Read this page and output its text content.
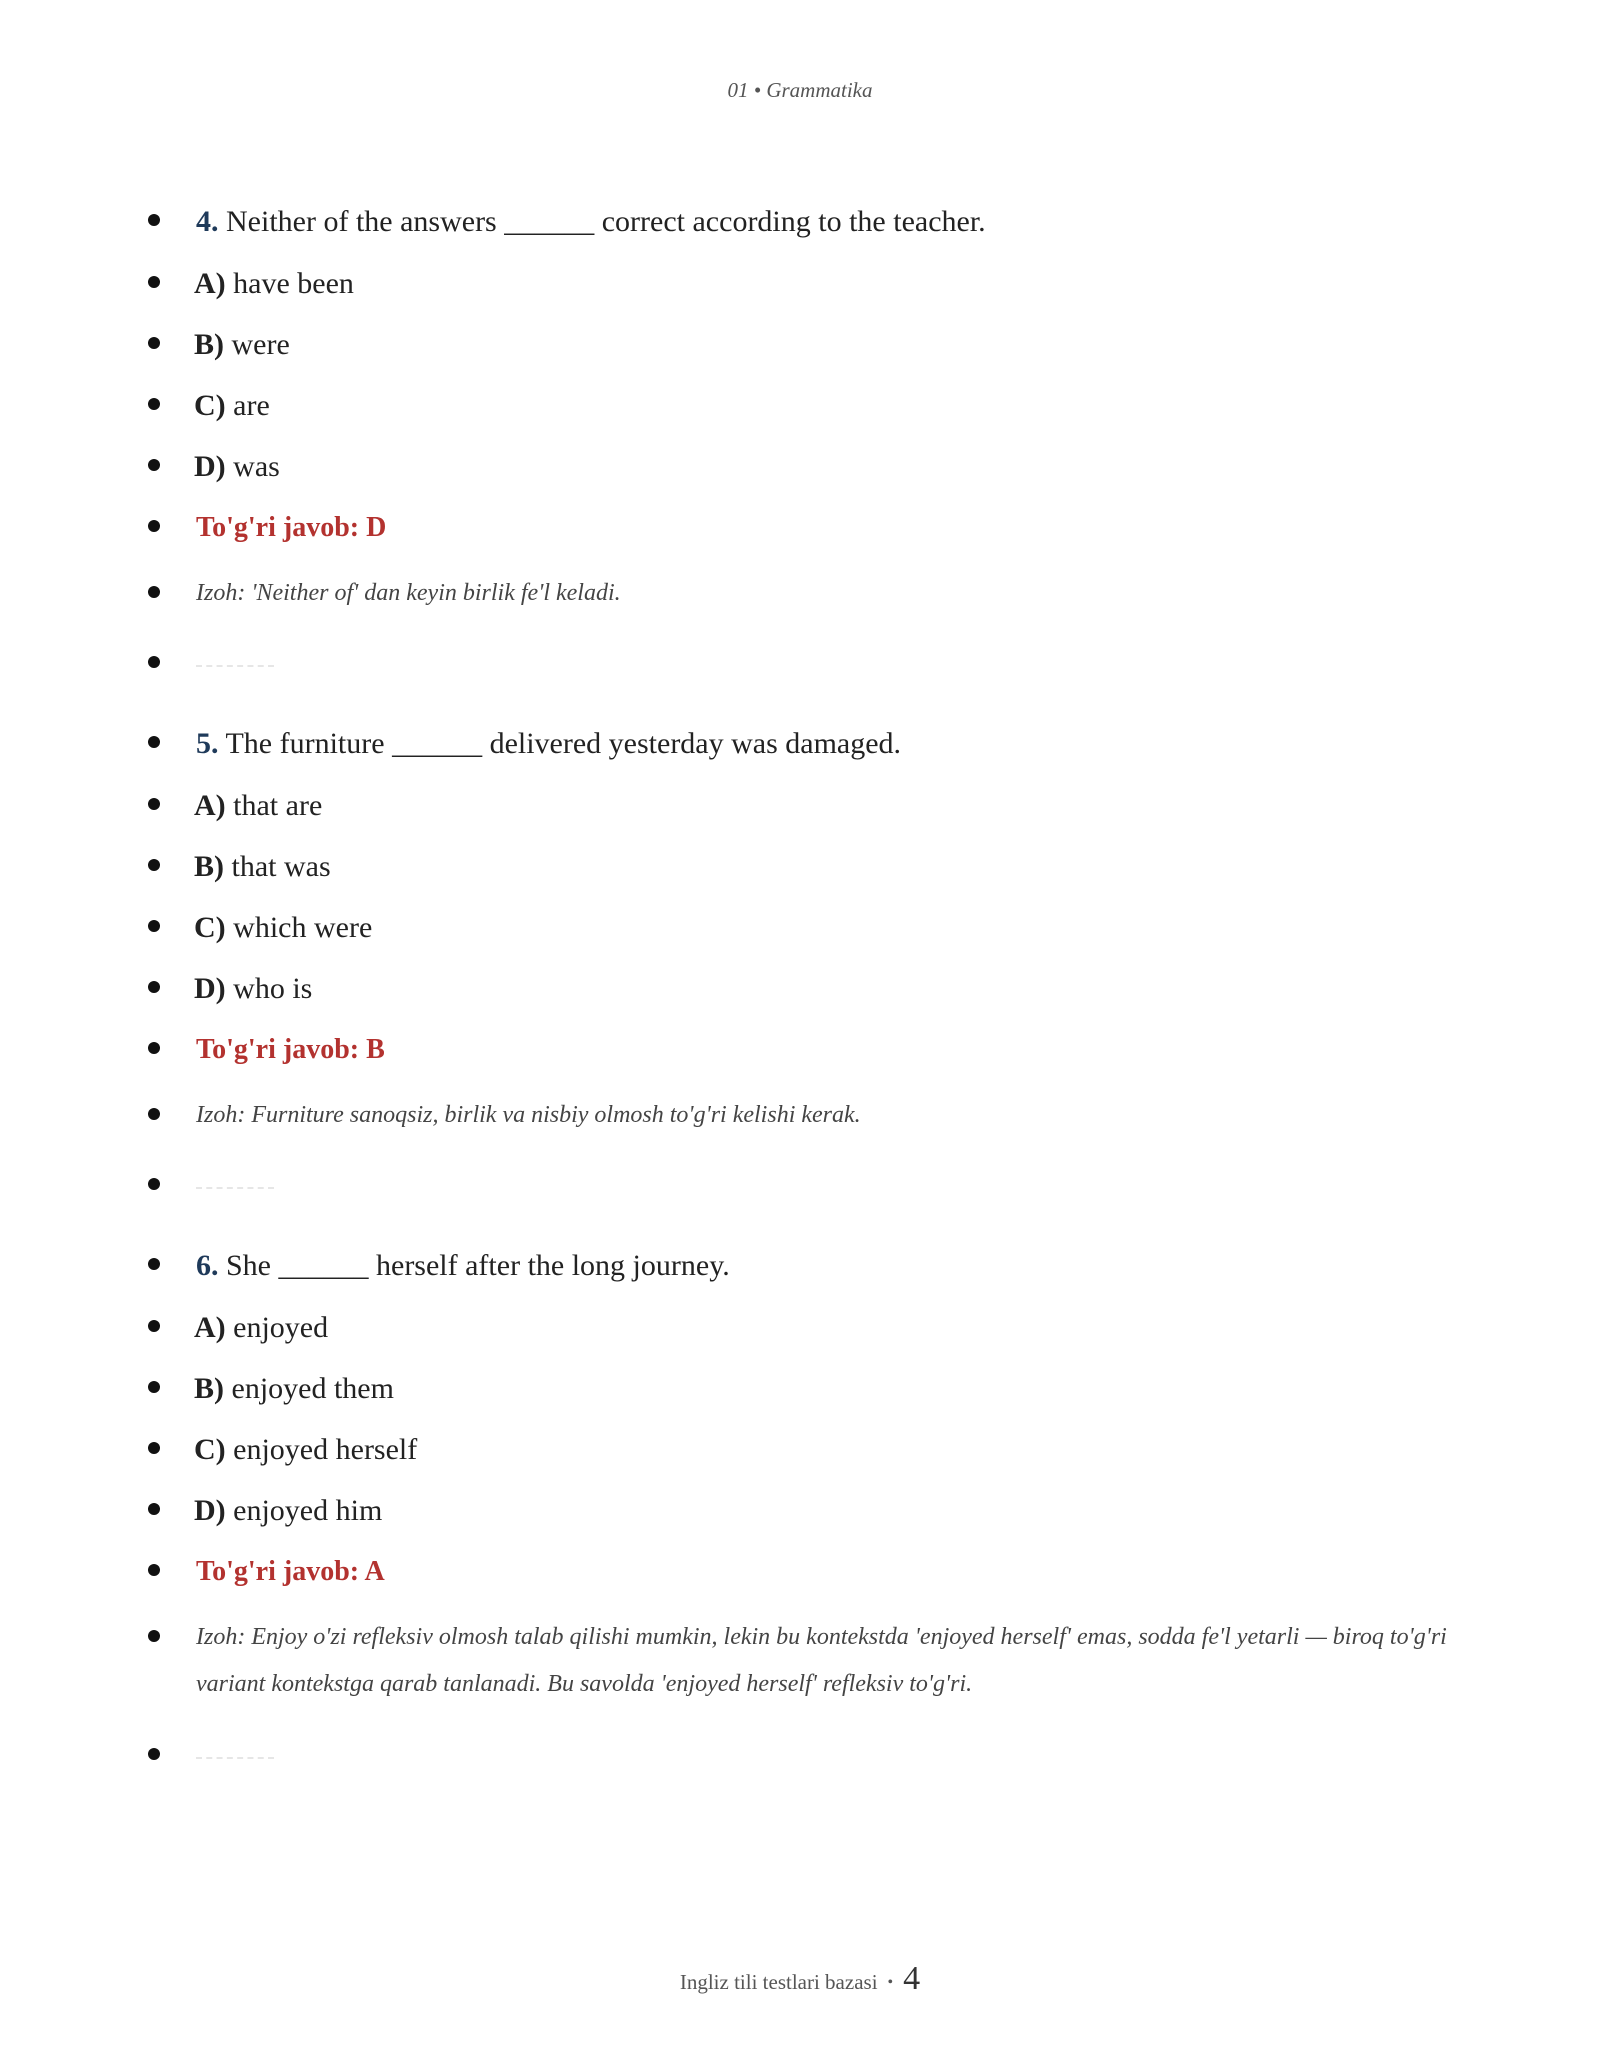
01 • Grammatika
4. Neither of the answers ______ correct according to the teacher.
A) have been
B) were
C) are
D) was
To'g'ri javob: D
Izoh: 'Neither of' dan keyin birlik fe'l keladi.
5. The furniture ______ delivered yesterday was damaged.
A) that are
B) that was
C) which were
D) who is
To'g'ri javob: B
Izoh: Furniture sanoqsiz, birlik va nisbiy olmosh to'g'ri kelishi kerak.
6. She ______ herself after the long journey.
A) enjoyed
B) enjoyed them
C) enjoyed herself
D) enjoyed him
To'g'ri javob: A
Izoh: Enjoy o'zi refleksiv olmosh talab qilishi mumkin, lekin bu kontekstda 'enjoyed herself' emas, sodda fe'l yetarli — biroq to'g'ri variant kontekstga qarab tanlanadi. Bu savolda 'enjoyed herself' refleksiv to'g'ri.
Ingliz tili testlari bazasi • 4
